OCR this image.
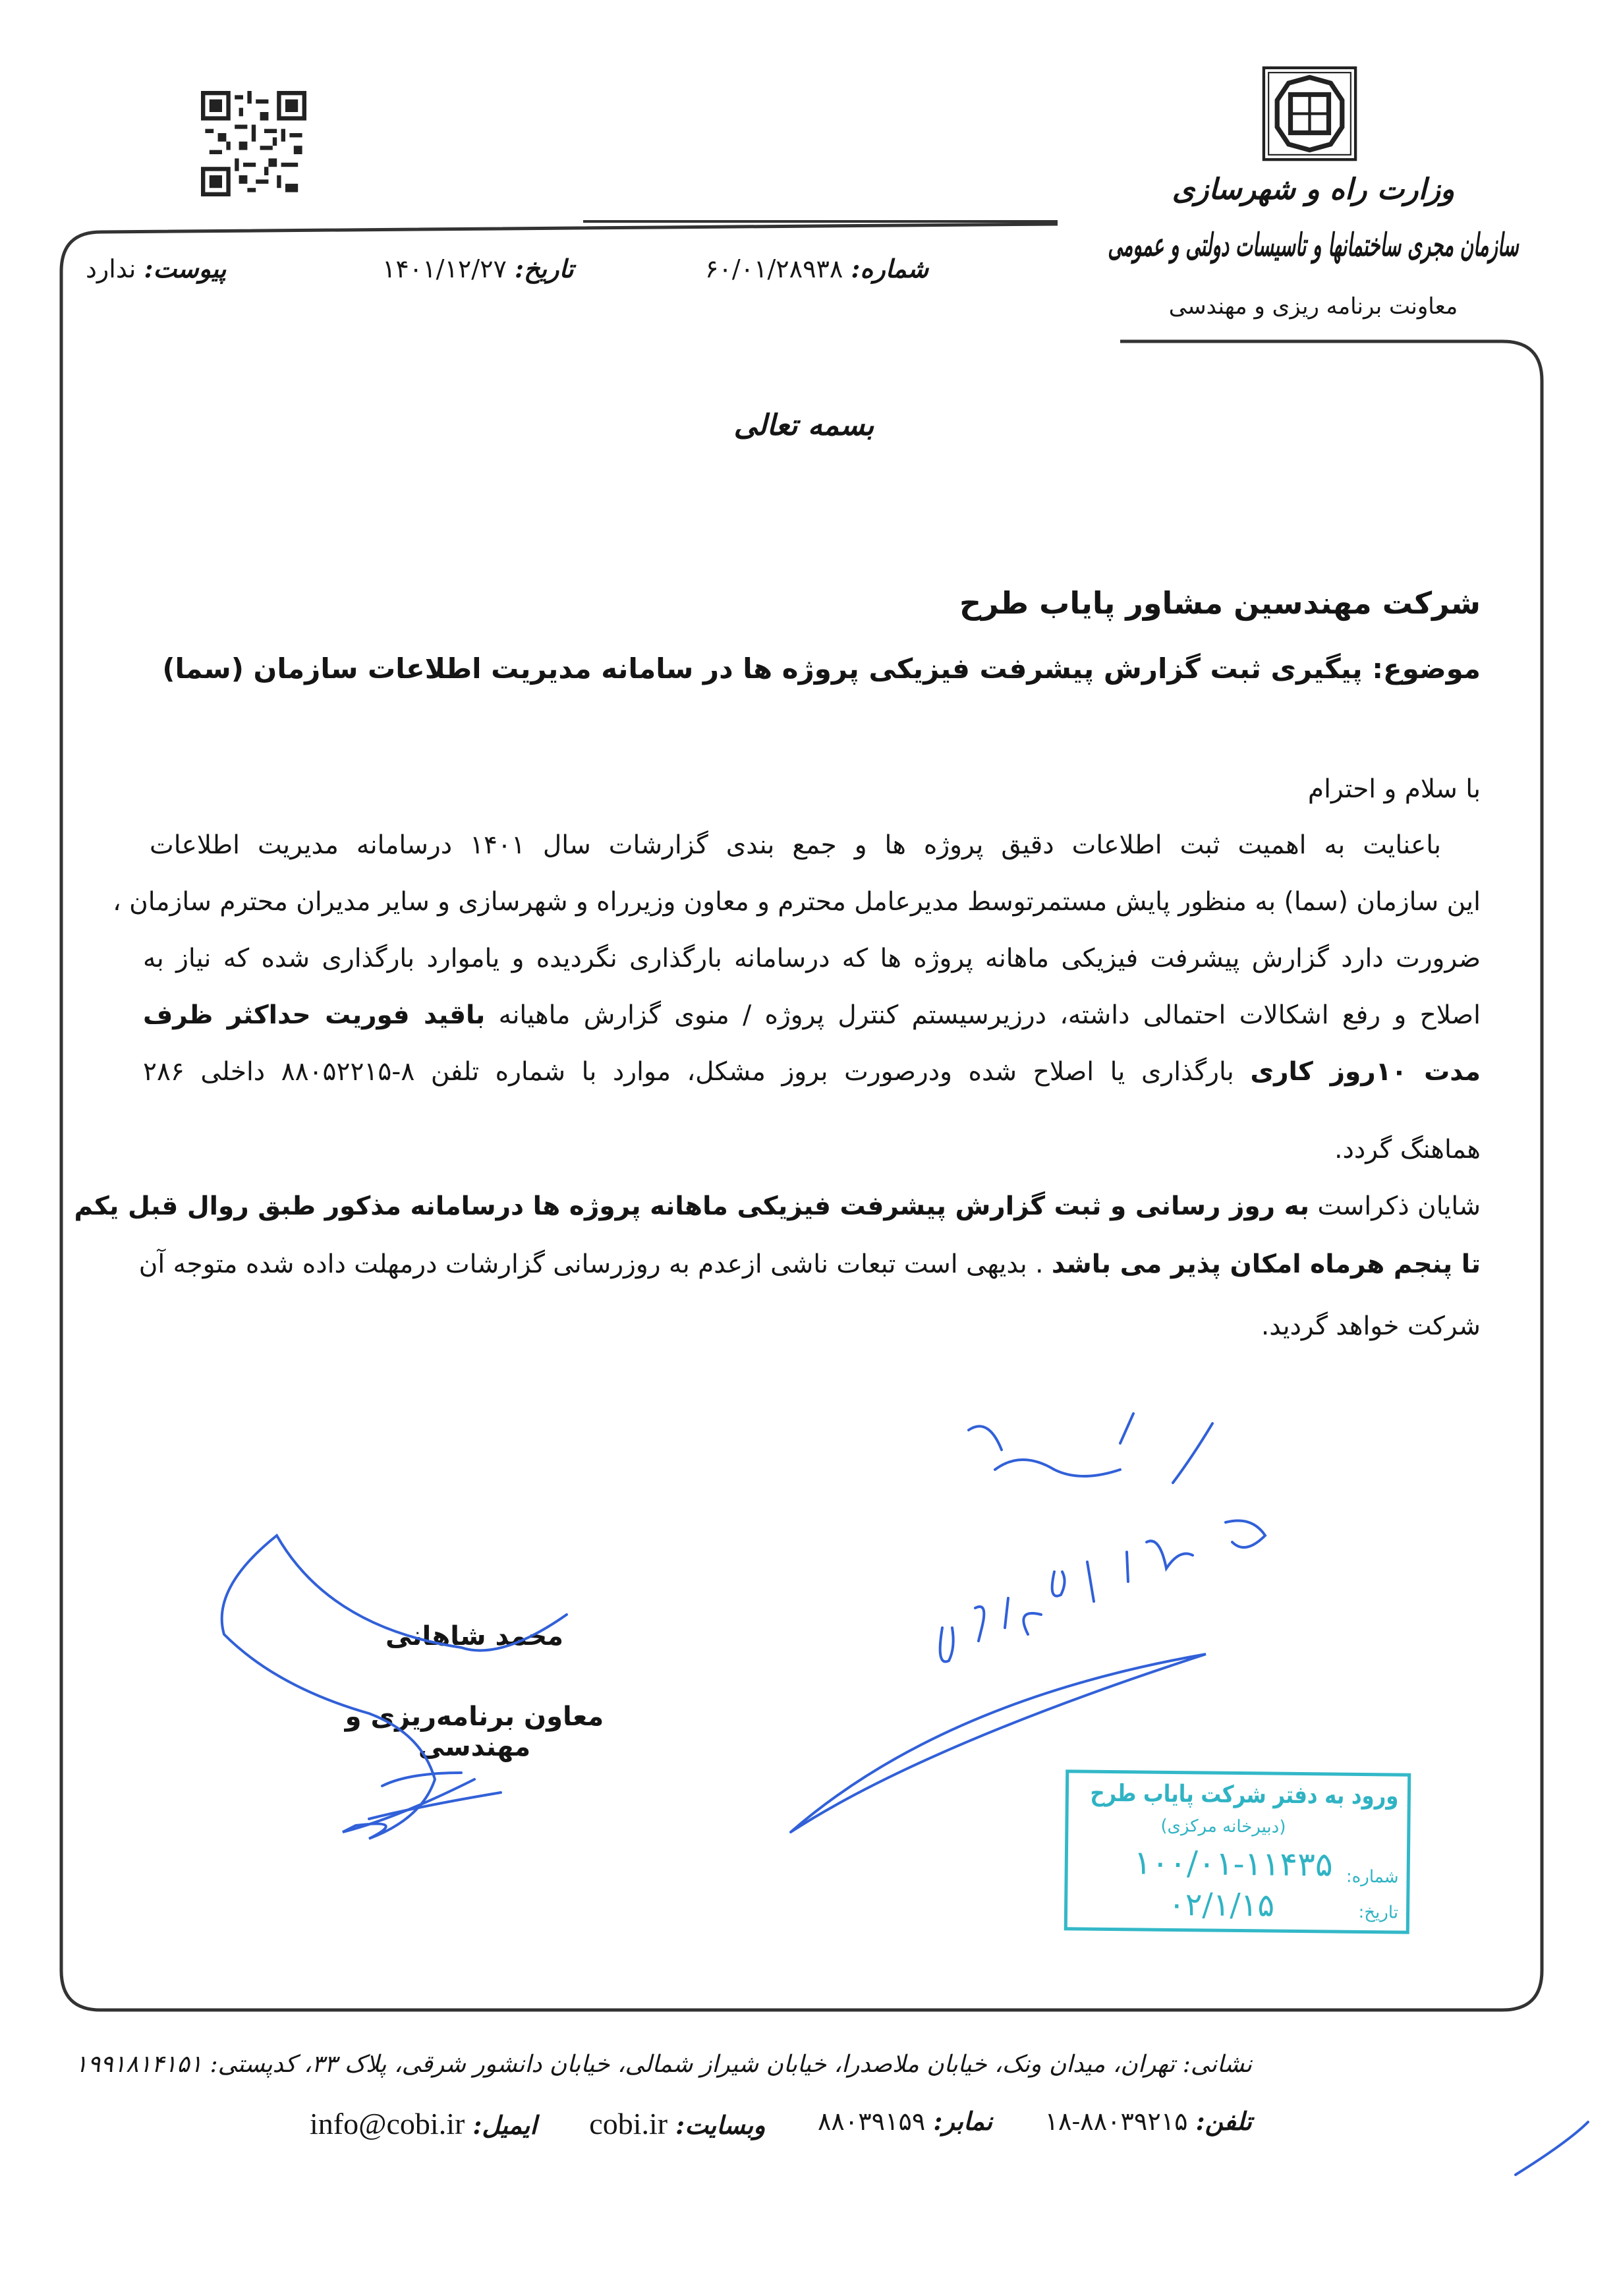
وزارت راه و شهرسازی
سازمان مجری ساختمانها و تاسیسات دولتی و عمومی
معاونت برنامه ریزی و مهندسی
شماره: ۶۰/۰۱/۲۸۹۳۸
تاریخ: ۱۴۰۱/۱۲/۲۷
پیوست: ندارد
بسمه تعالی
شرکت مهندسین مشاور پایاب طرح
موضوع: پیگیری ثبت گزارش پیشرفت فیزیکی پروژه ها در سامانه مدیریت اطلاعات سازمان (سما)
با سلام و احترام
باعنایت به اهمیت ثبت اطلاعات دقیق پروژه ها و جمع بندی گزارشات سال ۱۴۰۱ درسامانه مدیریت اطلاعات
این سازمان (سما) به منظور پایش مستمرتوسط مدیرعامل محترم و معاون وزیرراه و شهرسازی و سایر مدیران محترم سازمان ،
ضرورت دارد گزارش پیشرفت فیزیکی ماهانه پروژه ها که درسامانه بارگذاری نگردیده و یاموارد بارگذاری شده که نیاز به
اصلاح و رفع اشکالات احتمالی داشته، درزیرسیستم کنترل پروژه / منوی گزارش ماهیانه باقید فوریت حداکثر ظرف
مدت ۱۰روز کاری بارگذاری یا اصلاح شده ودرصورت بروز مشکل، موارد با شماره تلفن ۸-۸۸۰۵۲۲۱۵ داخلی ۲۸۶
هماهنگ گردد.
شایان ذکراست به روز رسانی و ثبت گزارش پیشرفت فیزیکی ماهانه پروژه ها درسامانه مذکور طبق روال قبل یکم
تا پنجم هرماه امکان پذیر می باشد . بدیهی است تبعات ناشی ازعدم به روزرسانی گزارشات درمهلت داده شده متوجه آن
شرکت خواهد گردید.
محمد شاهانی
معاون برنامه‌ریزی و مهندسی
ورود به دفتر شرکت پایاب طرح
(دبیرخانه مرکزی)
شماره:
۱۰۰/۰۱-۱۱۴۳۵
تاریخ:
۰۲/۱/۱۵
نشانی: تهران، میدان ونک، خیابان ملاصدرا، خیابان شیراز شمالی، خیابان دانشور شرقی، پلاک ۳۳، کدپستی: ۱۹۹۱۸۱۴۱۵۱
تلفن: ۸۸۰۳۹۲۱۵-۱۸
نمابر: ۸۸۰۳۹۱۵۹
وبسایت: cobi.ir
ایمیل: info@cobi.ir
